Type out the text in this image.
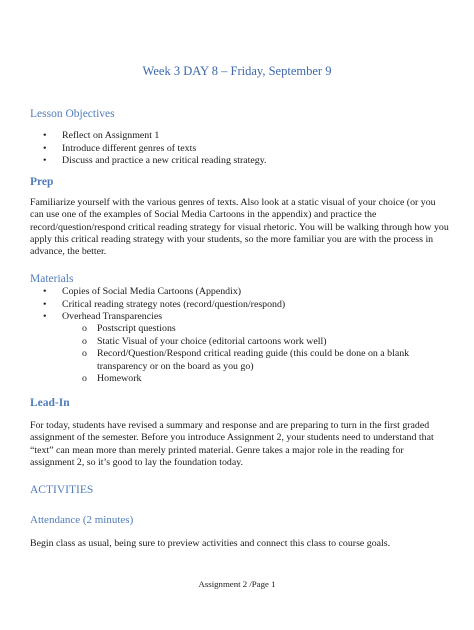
Week 3 DAY 8 – Friday, September 9
Lesson Objectives
• Reflect on Assignment 1
• Introduce different genres of texts
• Discuss and practice a new critical reading strategy.
Prep
Familiarize yourself with the various genres of texts. Also look at a static visual of your choice (or you can use one of the examples of Social Media Cartoons in the appendix) and practice the record/question/respond critical reading strategy for visual rhetoric. You will be walking through how you apply this critical reading strategy with your students, so the more familiar you are with the process in advance, the better.
Materials
• Copies of Social Media Cartoons (Appendix)
• Critical reading strategy notes (record/question/respond)
• Overhead Transparencies
o Postscript questions
o Static Visual of your choice (editorial cartoons work well)
o Record/Question/Respond critical reading guide (this could be done on a blank transparency or on the board as you go)
o Homework
Lead-In
For today, students have revised a summary and response and are preparing to turn in the first graded assignment of the semester. Before you introduce Assignment 2, your students need to understand that “text” can mean more than merely printed material. Genre takes a major role in the reading for assignment 2, so it’s good to lay the foundation today.
ACTIVITIES
Attendance (2 minutes)
Begin class as usual, being sure to preview activities and connect this class to course goals.
Assignment 2 /Page 1
